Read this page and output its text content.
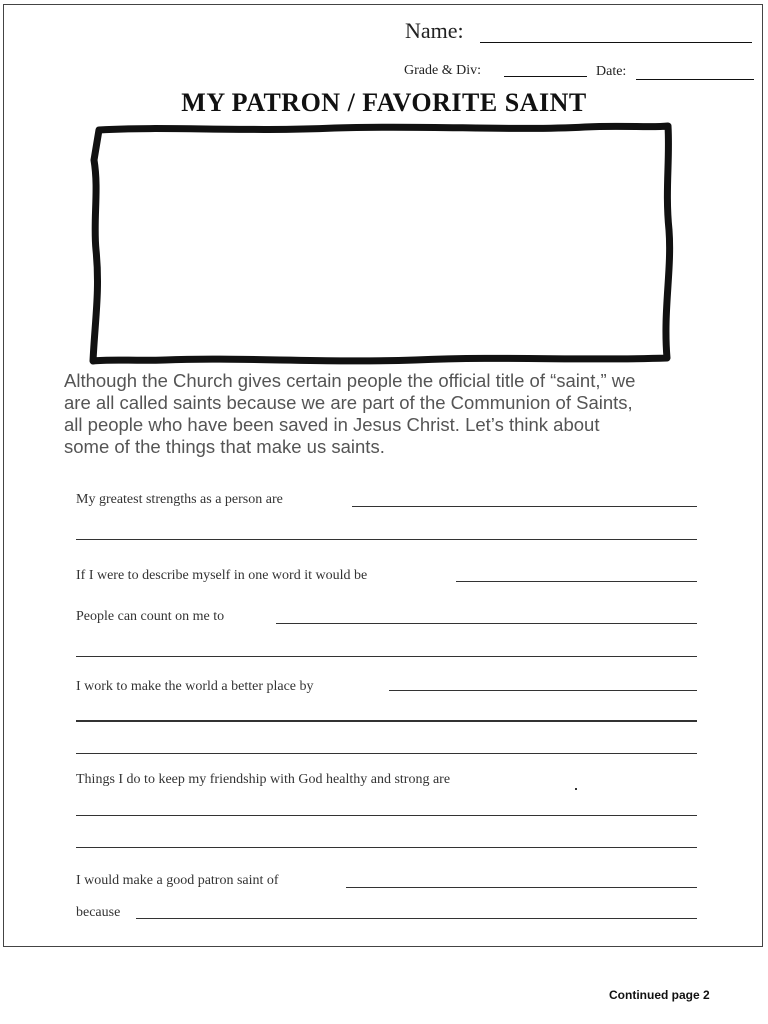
Name:
Grade & Div:	Date:
MY PATRON / FAVORITE SAINT
Although the Church gives certain people the official title of “saint,” we
are all called saints because we are part of the Communion of Saints,
all people who have been saved in Jesus Christ. Let’s think about
some of the things that make us saints.
My greatest strengths as a person are
If I were to describe myself in one word it would be
People can count on me to
I work to make the world a better place by
Things I do to keep my friendship with God healthy and strong are
I would make a good patron saint of
because
Continued page 2
